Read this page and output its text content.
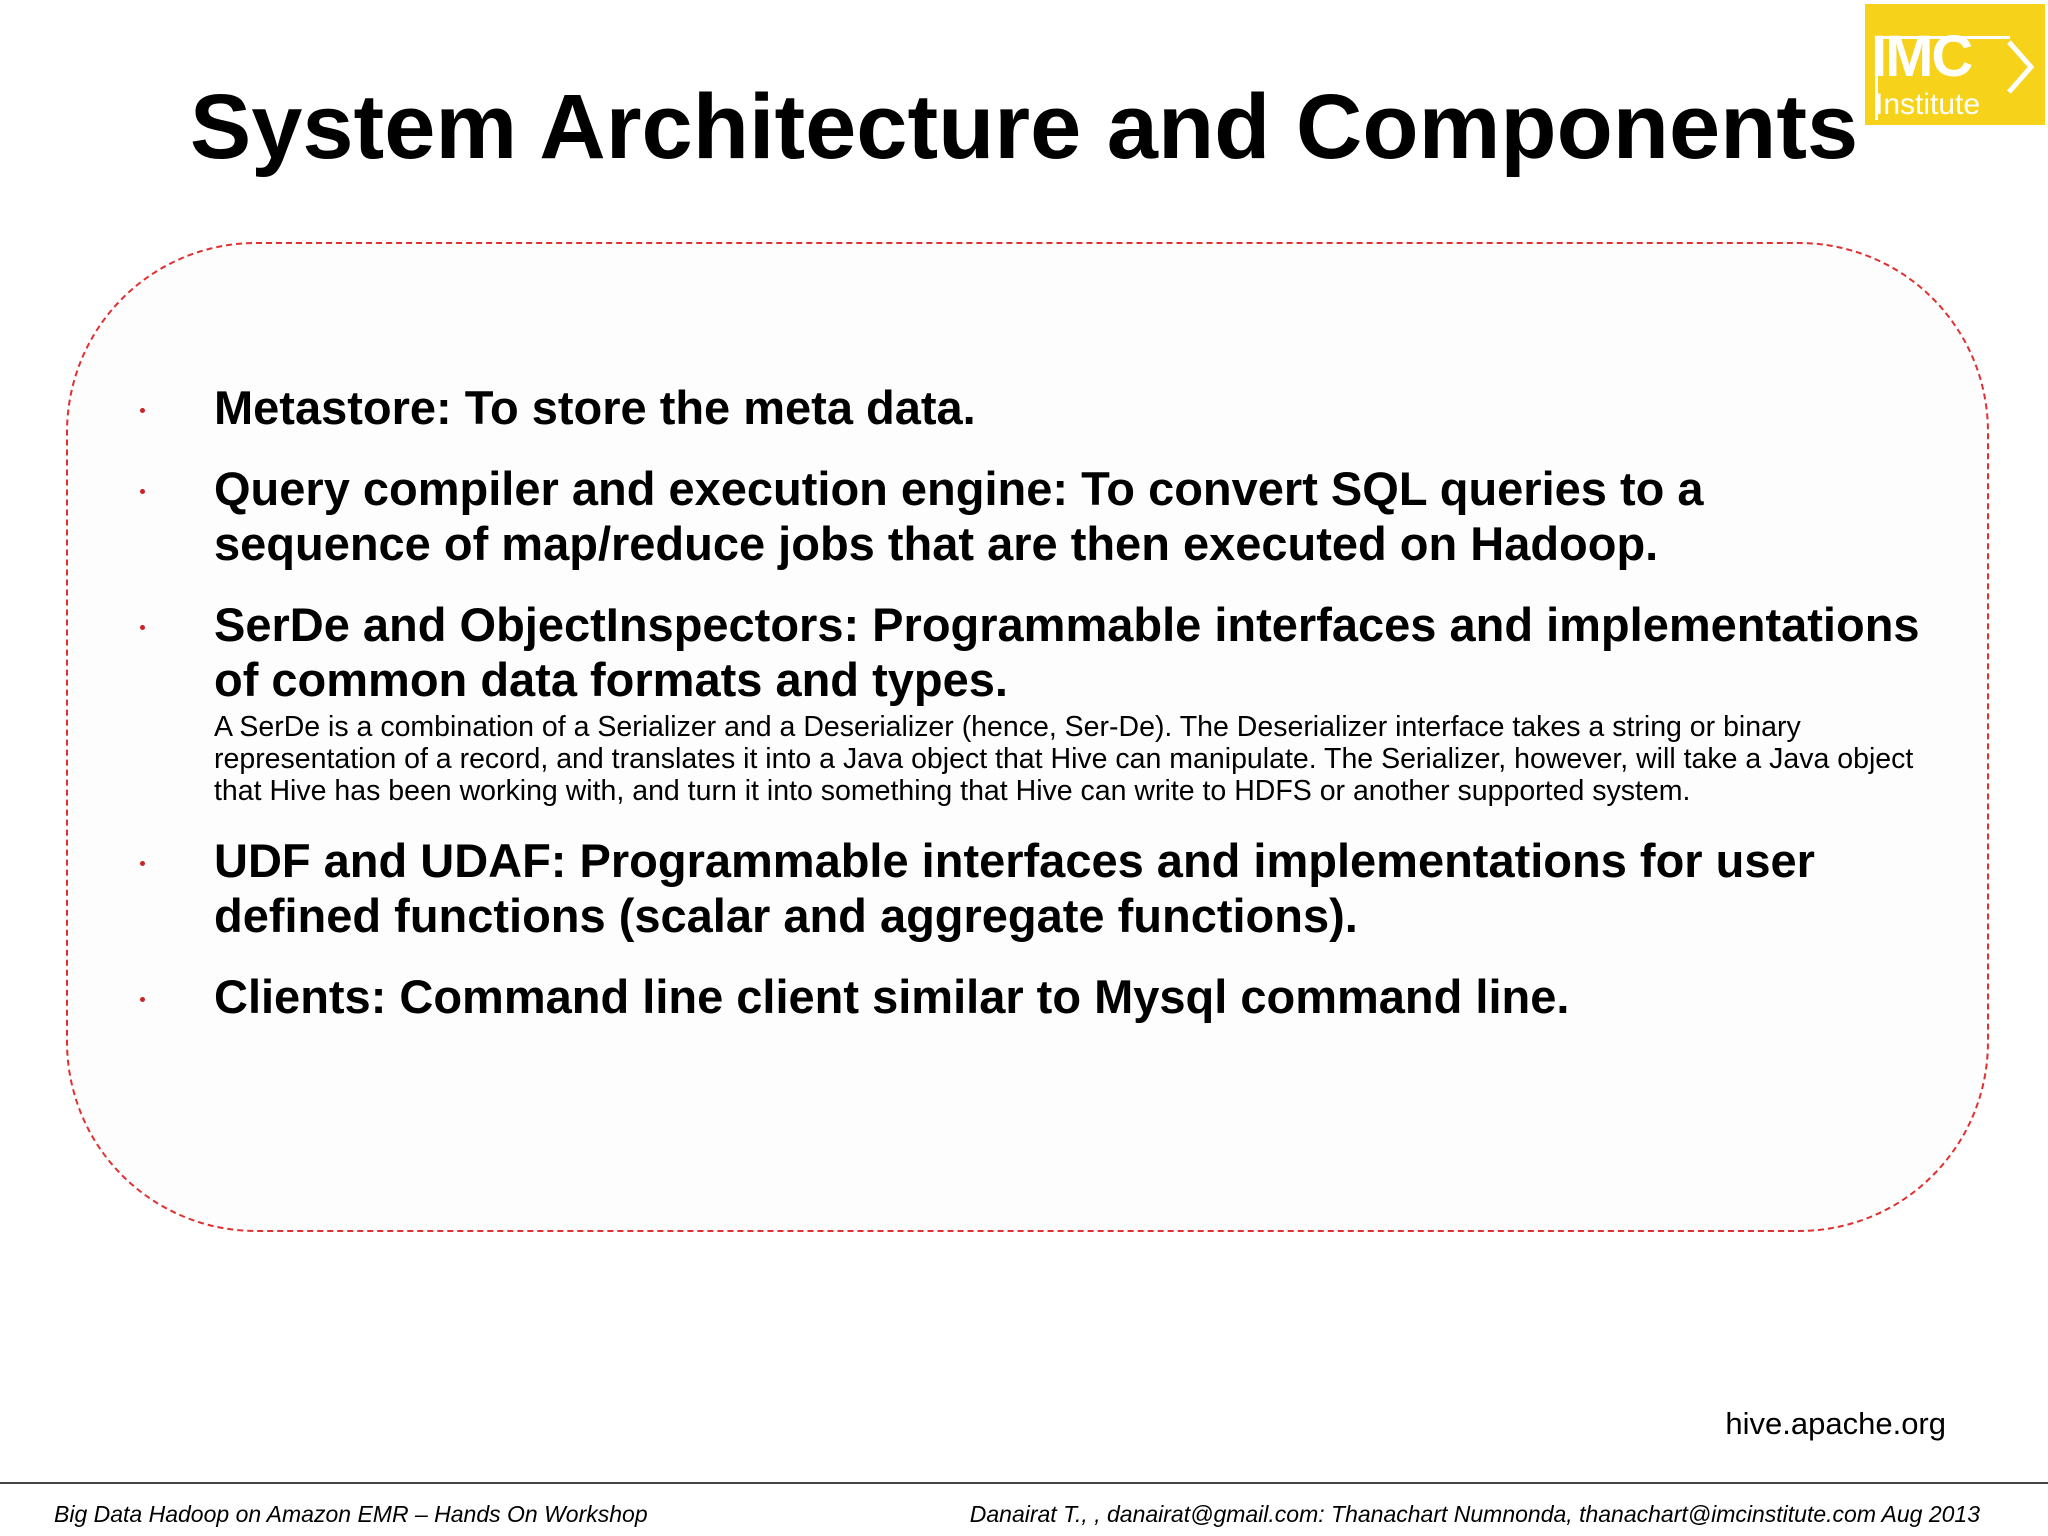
System Architecture and Components
IMC
Institute
Metastore: To store the meta data.
Query compiler and execution engine: To convert SQL queries to a sequence of map/reduce jobs that are then executed on Hadoop.
SerDe and ObjectInspectors: Programmable interfaces and implementations of common data formats and types.
A SerDe is a combination of a Serializer and a Deserializer (hence, Ser-De). The Deserializer interface takes a string or binary representation of a record, and translates it into a Java object that Hive can manipulate. The Serializer, however, will take a Java object that Hive has been working with, and turn it into something that Hive can write to HDFS or another supported system.
UDF and UDAF: Programmable interfaces and implementations for user defined functions (scalar and aggregate functions).
Clients: Command line client similar to Mysql command line.
hive.apache.org
Big Data Hadoop on Amazon EMR – Hands On Workshop	Danairat T., , danairat@gmail.com: Thanachart Numnonda, thanachart@imcinstitute.com Aug 2013
